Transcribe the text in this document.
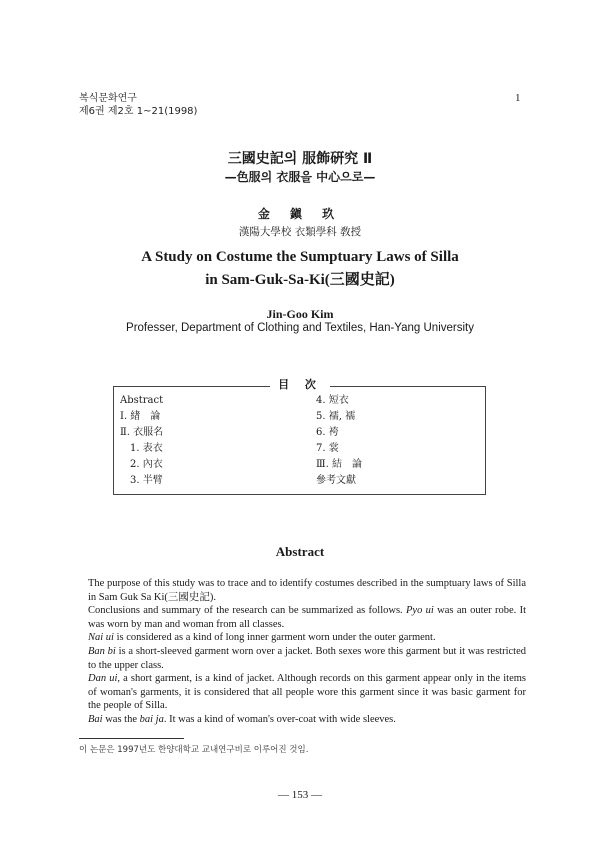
복식문화연구
제6권 제2호 1~21(1998)
1
三國史記의 服飾硏究 Ⅱ
—色服의 衣服을 中心으로—
金 鎭 玖
漢陽大學校 衣類學科 敎授
A Study on Costume the Sumptuary Laws of Silla
in Sam-Guk-Sa-Ki(三國史記)
Jin-Goo Kim
Professer, Department of Clothing and Textiles, Han-Yang University
Abstract
Ⅰ. 緖　論
Ⅱ. 衣服名
1. 表衣
2. 內衣
3. 半臂
4. 短衣
5. 襦, 襦
6. 袴
7. 裳
Ⅲ. 結　論
參考文獻
目 次
Abstract

The purpose of this study was to trace and to identify costumes described in the sumptuary laws of Silla in Sam Guk Sa Ki(三國史記).

Conclusions and summary of the research can be summarized as follows. Pyo ui was an outer robe. It was worn by man and woman from all classes.

Nai ui is considered as a kind of long inner garment worn under the outer garment.

Ban bi is a short-sleeved garment worn over a jacket. Both sexes wore this garment but it was restricted to the upper class.

Dan ui, a short garment, is a kind of jacket. Although records on this garment appear only in the items of woman's garments, it is considered that all people wore this garment since it was basic garment for the people of Silla.

Bai was the bai ja. It was a kind of woman's over-coat with wide sleeves.

이 논문은 1997년도 한양대학교 교내연구비로 이루어진 것임.
— 153 —
